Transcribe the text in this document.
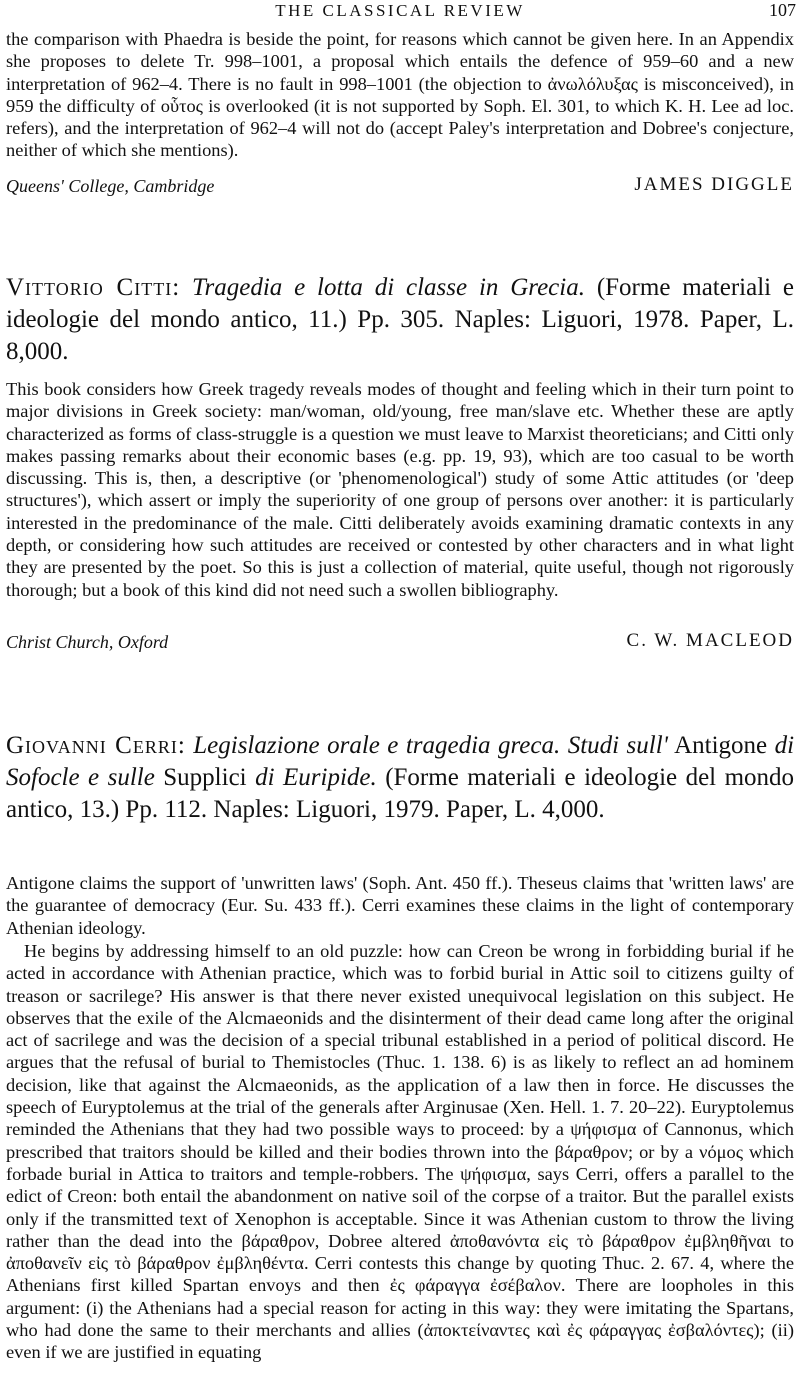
THE CLASSICAL REVIEW	107

the comparison with Phaedra is beside the point, for reasons which cannot be given here. In an Appendix she proposes to delete Tr. 998–1001, a proposal which entails the defence of 959–60 and a new interpretation of 962–4. There is no fault in 998–1001 (the objection to ἀνωλόλυξας is misconceived), in 959 the difficulty of οὗτος is overlooked (it is not supported by Soph. El. 301, to which K. H. Lee ad loc. refers), and the interpretation of 962–4 will not do (accept Paley's interpretation and Dobree's conjecture, neither of which she mentions).

Queens' College, Cambridge	JAMES DIGGLE
Vittorio Citti: Tragedia e lotta di classe in Grecia. (Forme materiali e ideologie del mondo antico, 11.) Pp. 305. Naples: Liguori, 1978. Paper, L. 8,000.

This book considers how Greek tragedy reveals modes of thought and feeling which in their turn point to major divisions in Greek society: man/woman, old/young, free man/slave etc. Whether these are aptly characterized as forms of class-struggle is a question we must leave to Marxist theoreticians; and Citti only makes passing remarks about their economic bases (e.g. pp. 19, 93), which are too casual to be worth discussing. This is, then, a descriptive (or 'phenomenological') study of some Attic attitudes (or 'deep structures'), which assert or imply the superiority of one group of persons over another: it is particularly interested in the predominance of the male. Citti deliberately avoids examining dramatic contexts in any depth, or considering how such attitudes are received or contested by other characters and in what light they are presented by the poet. So this is just a collection of material, quite useful, though not rigorously thorough; but a book of this kind did not need such a swollen bibliography.

Christ Church, Oxford	C. W. MACLEOD
Giovanni Cerri: Legislazione orale e tragedia greca. Studi sull' Antigone di Sofocle e sulle Supplici di Euripide. (Forme materiali e ideologie del mondo antico, 13.) Pp. 112. Naples: Liguori, 1979. Paper, L. 4,000.

Antigone claims the support of 'unwritten laws' (Soph. Ant. 450 ff.). Theseus claims that 'written laws' are the guarantee of democracy (Eur. Su. 433 ff.). Cerri examines these claims in the light of contemporary Athenian ideology.

He begins by addressing himself to an old puzzle: how can Creon be wrong in forbidding burial if he acted in accordance with Athenian practice, which was to forbid burial in Attic soil to citizens guilty of treason or sacrilege? His answer is that there never existed unequivocal legislation on this subject. He observes that the exile of the Alcmaeonids and the disinterment of their dead came long after the original act of sacrilege and was the decision of a special tribunal established in a period of political discord. He argues that the refusal of burial to Themistocles (Thuc. 1. 138. 6) is as likely to reflect an ad hominem decision, like that against the Alcmaeonids, as the application of a law then in force. He discusses the speech of Euryptolemus at the trial of the generals after Arginusae (Xen. Hell. 1. 7. 20–22). Euryptolemus reminded the Athenians that they had two possible ways to proceed: by a ψήφισμα of Cannonus, which prescribed that traitors should be killed and their bodies thrown into the βάραθρον; or by a νόμος which forbade burial in Attica to traitors and temple-robbers. The ψήφισμα, says Cerri, offers a parallel to the edict of Creon: both entail the abandonment on native soil of the corpse of a traitor. But the parallel exists only if the transmitted text of Xenophon is acceptable. Since it was Athenian custom to throw the living rather than the dead into the βάραθρον, Dobree altered ἀποθανόντα εἰς τὸ βάραθρον ἐμβληθῆναι to ἀποθανεῖν εἰς τὸ βάραθρον ἐμβληθέντα. Cerri contests this change by quoting Thuc. 2. 67. 4, where the Athenians first killed Spartan envoys and then ἐς φάραγγα ἐσέβαλον. There are loopholes in this argument: (i) the Athenians had a special reason for acting in this way: they were imitating the Spartans, who had done the same to their merchants and allies (ἀποκτείναντες καὶ ἐς φάραγγας ἐσβαλόντες); (ii) even if we are justified in equating
